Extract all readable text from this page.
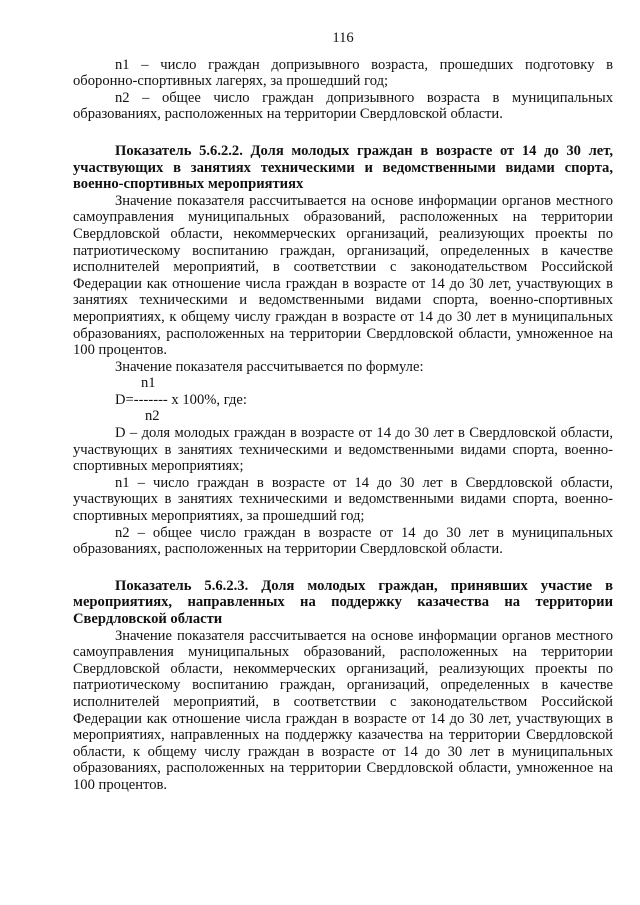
116

n1 – число граждан допризывного возраста, прошедших подготовку в оборонно-спортивных лагерях, за прошедший год;

n2 – общее число граждан допризывного возраста в муниципальных образованиях, расположенных на территории Свердловской области.

Показатель 5.6.2.2. Доля молодых граждан в возрасте от 14 до 30 лет, участвующих в занятиях техническими и ведомственными видами спорта, военно-спортивных мероприятиях

Значение показателя рассчитывается на основе информации органов местного самоуправления муниципальных образований, расположенных на территории Свердловской области, некоммерческих организаций, реализующих проекты по патриотическому воспитанию граждан, организаций, определенных в качестве исполнителей мероприятий, в соответствии с законодательством Российской Федерации как отношение числа граждан в возрасте от 14 до 30 лет, участвующих в занятиях техническими и ведомственными видами спорта, военно-спортивных мероприятиях, к общему числу граждан в возрасте от 14 до 30 лет в муниципальных образованиях, расположенных на территории Свердловской области, умноженное на 100 процентов.

Значение показателя рассчитывается по формуле:

n1
D=------- х 100%, где:
n2

D – доля молодых граждан в возрасте от 14 до 30 лет в Свердловской области, участвующих в занятиях техническими и ведомственными видами спорта, военно-спортивных мероприятиях;

n1 – число граждан в возрасте от 14 до 30 лет в Свердловской области, участвующих в занятиях техническими и ведомственными видами спорта, военно-спортивных мероприятиях, за прошедший год;

n2 – общее число граждан в возрасте от 14 до 30 лет в муниципальных образованиях, расположенных на территории Свердловской области.

Показатель 5.6.2.3. Доля молодых граждан, принявших участие в мероприятиях, направленных на поддержку казачества на территории Свердловской области

Значение показателя рассчитывается на основе информации органов местного самоуправления муниципальных образований, расположенных на территории Свердловской области, некоммерческих организаций, реализующих проекты по патриотическому воспитанию граждан, организаций, определенных в качестве исполнителей мероприятий, в соответствии с законодательством Российской Федерации как отношение числа граждан в возрасте от 14 до 30 лет, участвующих в мероприятиях, направленных на поддержку казачества на территории Свердловской области, к общему числу граждан в возрасте от 14 до 30 лет в муниципальных образованиях, расположенных на территории Свердловской области, умноженное на 100 процентов.
